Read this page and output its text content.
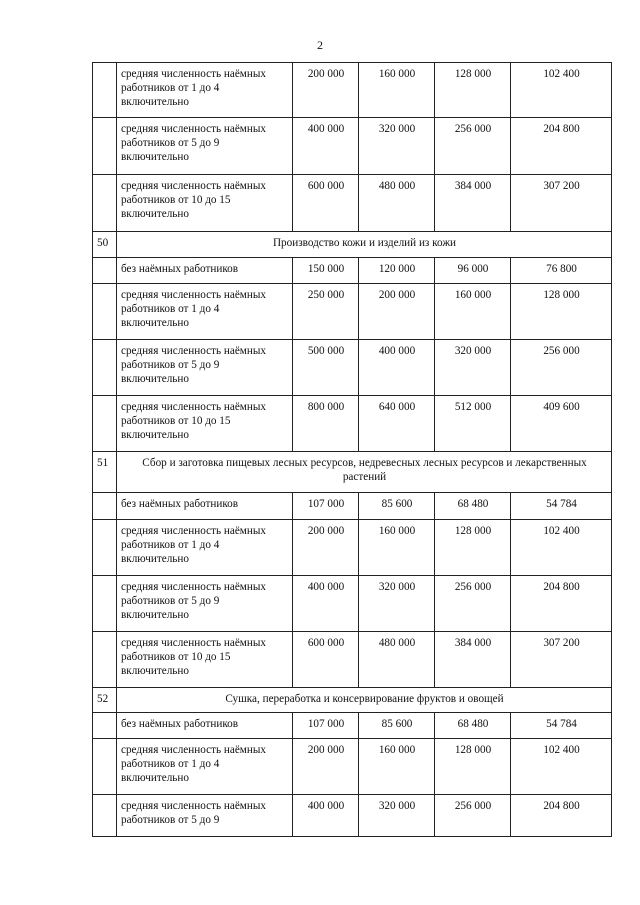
2
	средняя численность наёмных работников от 1 до 4 включительно	200 000	160 000	128 000	102 400
	средняя численность наёмных работников от 5 до 9 включительно	400 000	320 000	256 000	204 800
	средняя численность наёмных работников от 10 до 15 включительно	600 000	480 000	384 000	307 200
50	Производство кожи и изделий из кожи				
	без наёмных работников	150 000	120 000	96 000	76 800
	средняя численность наёмных работников от 1 до 4 включительно	250 000	200 000	160 000	128 000
	средняя численность наёмных работников от 5 до 9 включительно	500 000	400 000	320 000	256 000
	средняя численность наёмных работников от 10 до 15 включительно	800 000	640 000	512 000	409 600
51	Сбор и заготовка пищевых лесных ресурсов, недревесных лесных ресурсов и лекарственных растений				
	без наёмных работников	107 000	85 600	68 480	54 784
	средняя численность наёмных работников от 1 до 4 включительно	200 000	160 000	128 000	102 400
	средняя численность наёмных работников от 5 до 9 включительно	400 000	320 000	256 000	204 800
	средняя численность наёмных работников от 10 до 15 включительно	600 000	480 000	384 000	307 200
52	Сушка, переработка и консервирование фруктов и овощей				
	без наёмных работников	107 000	85 600	68 480	54 784
	средняя численность наёмных работников от 1 до 4 включительно	200 000	160 000	128 000	102 400
	средняя численность наёмных работников от 5 до 9	400 000	320 000	256 000	204 800
